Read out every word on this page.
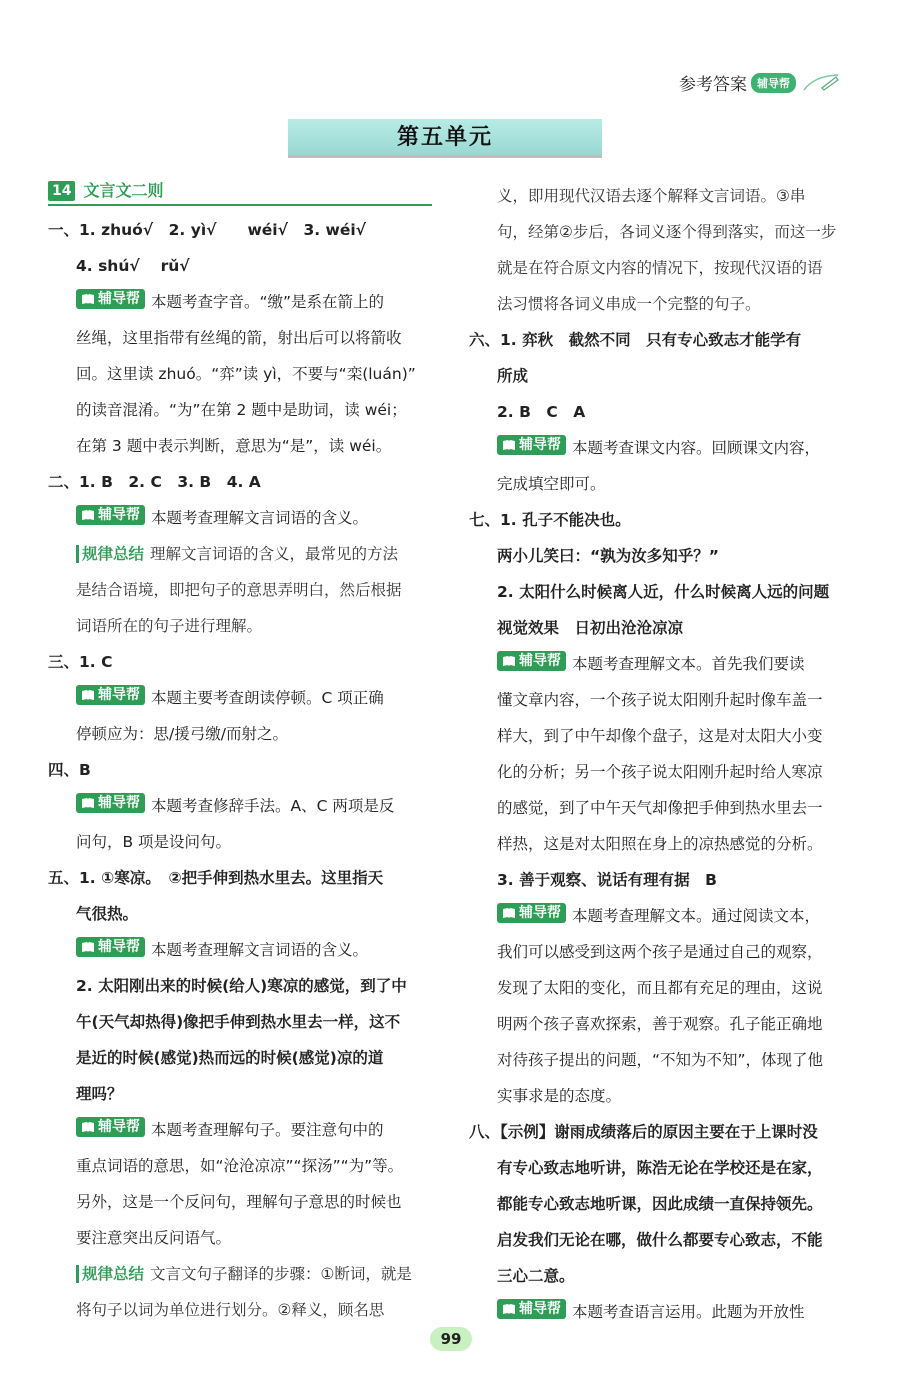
参考答案 辅导帮
第五单元
14 文言文二则

一、1. zhuó√　2. yì√　　wéi√　3. wéi√

4. shú√　 rǔ√

辅导帮 本题考查字音。“缴”是系在箭上的

丝绳，这里指带有丝绳的箭，射出后可以将箭收

回。这里读 zhuó。“弈”读 yì，不要与“栾(luán)”

的读音混淆。“为”在第 2 题中是助词，读 wéi；

在第 3 题中表示判断，意思为“是”，读 wéi。

二、1. B　2. C　3. B　4. A

辅导帮 本题考查理解文言词语的含义。

规律总结 理解文言词语的含义，最常见的方法

是结合语境，即把句子的意思弄明白，然后根据

词语所在的句子进行理解。

三、1. C

辅导帮 本题主要考查朗读停顿。C 项正确

停顿应为：思/援弓缴/而射之。

四、B

辅导帮 本题考查修辞手法。A、C 两项是反

问句，B 项是设问句。

五、1. ①寒凉。　②把手伸到热水里去。这里指天

气很热。

辅导帮 本题考查理解文言词语的含义。

2. 太阳刚出来的时候(给人)寒凉的感觉，到了中

午(天气却热得)像把手伸到热水里去一样，这不

是近的时候(感觉)热而远的时候(感觉)凉的道

理吗？

辅导帮 本题考查理解句子。要注意句中的

重点词语的意思，如“沧沧凉凉”“探汤”“为”等。

另外，这是一个反问句，理解句子意思的时候也

要注意突出反问语气。

规律总结 文言文句子翻译的步骤：①断词，就是

将句子以词为单位进行划分。②释义，顾名思

义，即用现代汉语去逐个解释文言词语。③串

句，经第②步后，各词义逐个得到落实，而这一步

就是在符合原文内容的情况下，按现代汉语的语

法习惯将各词义串成一个完整的句子。

六、1. 弈秋　截然不同　只有专心致志才能学有

所成

2. B　C　A

辅导帮 本题考查课文内容。回顾课文内容，

完成填空即可。

七、1. 孔子不能决也。

两小儿笑曰：“孰为汝多知乎？”

2. 太阳什么时候离人近，什么时候离人远的问题

视觉效果　日初出沧沧凉凉

辅导帮 本题考查理解文本。首先我们要读

懂文章内容，一个孩子说太阳刚升起时像车盖一

样大，到了中午却像个盘子，这是对太阳大小变

化的分析；另一个孩子说太阳刚升起时给人寒凉

的感觉，到了中午天气却像把手伸到热水里去一

样热，这是对太阳照在身上的凉热感觉的分析。

3. 善于观察、说话有理有据　B

辅导帮 本题考查理解文本。通过阅读文本，

我们可以感受到这两个孩子是通过自己的观察，

发现了太阳的变化，而且都有充足的理由，这说

明两个孩子喜欢探索，善于观察。孔子能正确地

对待孩子提出的问题，“不知为不知”，体现了他

实事求是的态度。

八、【示例】谢雨成绩落后的原因主要在于上课时没

有专心致志地听讲，陈浩无论在学校还是在家，

都能专心致志地听课，因此成绩一直保持领先。

启发我们无论在哪，做什么都要专心致志，不能

三心二意。

辅导帮 本题考查语言运用。此题为开放性

99
